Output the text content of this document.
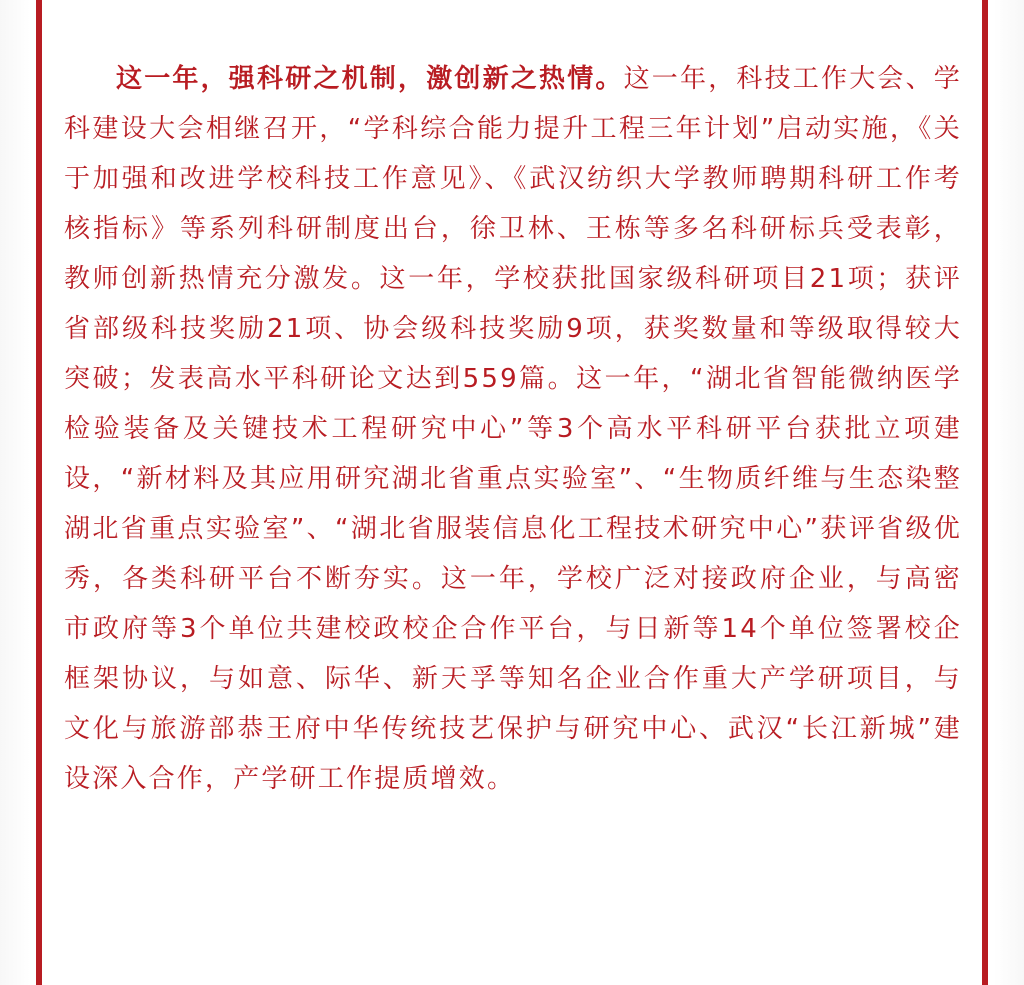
这一年，强科研之机制，激创新之热情。这一年，科技工作大会、学科建设大会相继召开，“学科综合能力提升工程三年计划”启动实施，《关于加强和改进学校科技工作意见》、《武汉纺织大学教师聘期科研工作考核指标》等系列科研制度出台，徐卫林、王栋等多名科研标兵受表彰，教师创新热情充分激发。这一年，学校获批国家级科研项目21项；获评省部级科技奖励21项、协会级科技奖励9项，获奖数量和等级取得较大突破；发表高水平科研论文达到559篇。这一年，“湖北省智能微纳医学检验装备及关键技术工程研究中心”等3个高水平科研平台获批立项建设，“新材料及其应用研究湖北省重点实验室”、“生物质纤维与生态染整湖北省重点实验室”、“湖北省服装信息化工程技术研究中心”获评省级优秀，各类科研平台不断夯实。这一年，学校广泛对接政府企业，与高密市政府等3个单位共建校政校企合作平台，与日新等14个单位签署校企框架协议，与如意、际华、新天孚等知名企业合作重大产学研项目，与文化与旅游部恭王府中华传统技艺保护与研究中心、武汉“长江新城”建设深入合作，产学研工作提质增效。
